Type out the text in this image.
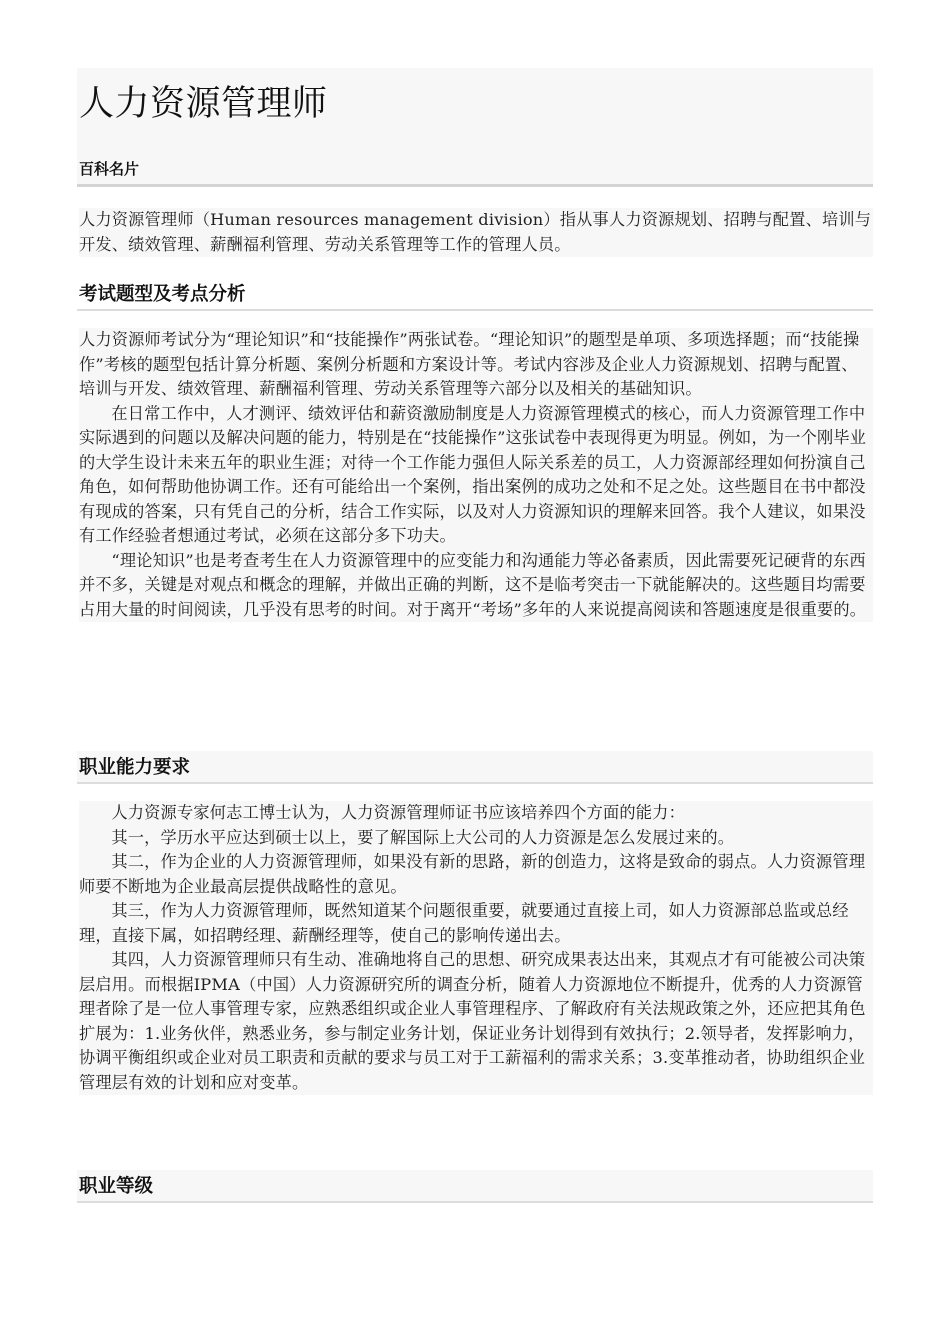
人力资源管理师
百科名片

人力资源管理师（Human resources management division）指从事人力资源规划、招聘与配置、培训与开发、绩效管理、薪酬福利管理、劳动关系管理等工作的管理人员。

考试题型及考点分析

人力资源师考试分为“理论知识”和“技能操作”两张试卷。“理论知识”的题型是单项、多项选择题；而“技能操作”考核的题型包括计算分析题、案例分析题和方案设计等。考试内容涉及企业人力资源规划、招聘与配置、培训与开发、绩效管理、薪酬福利管理、劳动关系管理等六部分以及相关的基础知识。

在日常工作中，人才测评、绩效评估和薪资激励制度是人力资源管理模式的核心，而人力资源管理工作中实际遇到的问题以及解决问题的能力，特别是在“技能操作”这张试卷中表现得更为明显。例如，为一个刚毕业的大学生设计未来五年的职业生涯；对待一个工作能力强但人际关系差的员工，人力资源部经理如何扮演自己角色，如何帮助他协调工作。还有可能给出一个案例，指出案例的成功之处和不足之处。这些题目在书中都没有现成的答案，只有凭自己的分析，结合工作实际，以及对人力资源知识的理解来回答。我个人建议，如果没有工作经验者想通过考试，必须在这部分多下功夫。

“理论知识”也是考查考生在人力资源管理中的应变能力和沟通能力等必备素质，因此需要死记硬背的东西并不多，关键是对观点和概念的理解，并做出正确的判断，这不是临考突击一下就能解决的。这些题目均需要占用大量的时间阅读，几乎没有思考的时间。对于离开“考场”多年的人来说提高阅读和答题速度是很重要的。

职业能力要求

人力资源专家何志工博士认为，人力资源管理师证书应该培养四个方面的能力：

其一，学历水平应达到硕士以上，要了解国际上大公司的人力资源是怎么发展过来的。

其二，作为企业的人力资源管理师，如果没有新的思路，新的创造力，这将是致命的弱点。人力资源管理师要不断地为企业最高层提供战略性的意见。

其三，作为人力资源管理师，既然知道某个问题很重要，就要通过直接上司，如人力资源部总监或总经理，直接下属，如招聘经理、薪酬经理等，使自己的影响传递出去。

其四，人力资源管理师只有生动、准确地将自己的思想、研究成果表达出来，其观点才有可能被公司决策层启用。而根据IPMA（中国）人力资源研究所的调查分析，随着人力资源地位不断提升，优秀的人力资源管理者除了是一位人事管理专家，应熟悉组织或企业人事管理程序、了解政府有关法规政策之外，还应把其角色扩展为：1.业务伙伴，熟悉业务，参与制定业务计划，保证业务计划得到有效执行；2.领导者，发挥影响力，协调平衡组织或企业对员工职责和贡献的要求与员工对于工薪福利的需求关系；3.变革推动者，协助组织企业管理层有效的计划和应对变革。

职业等级
